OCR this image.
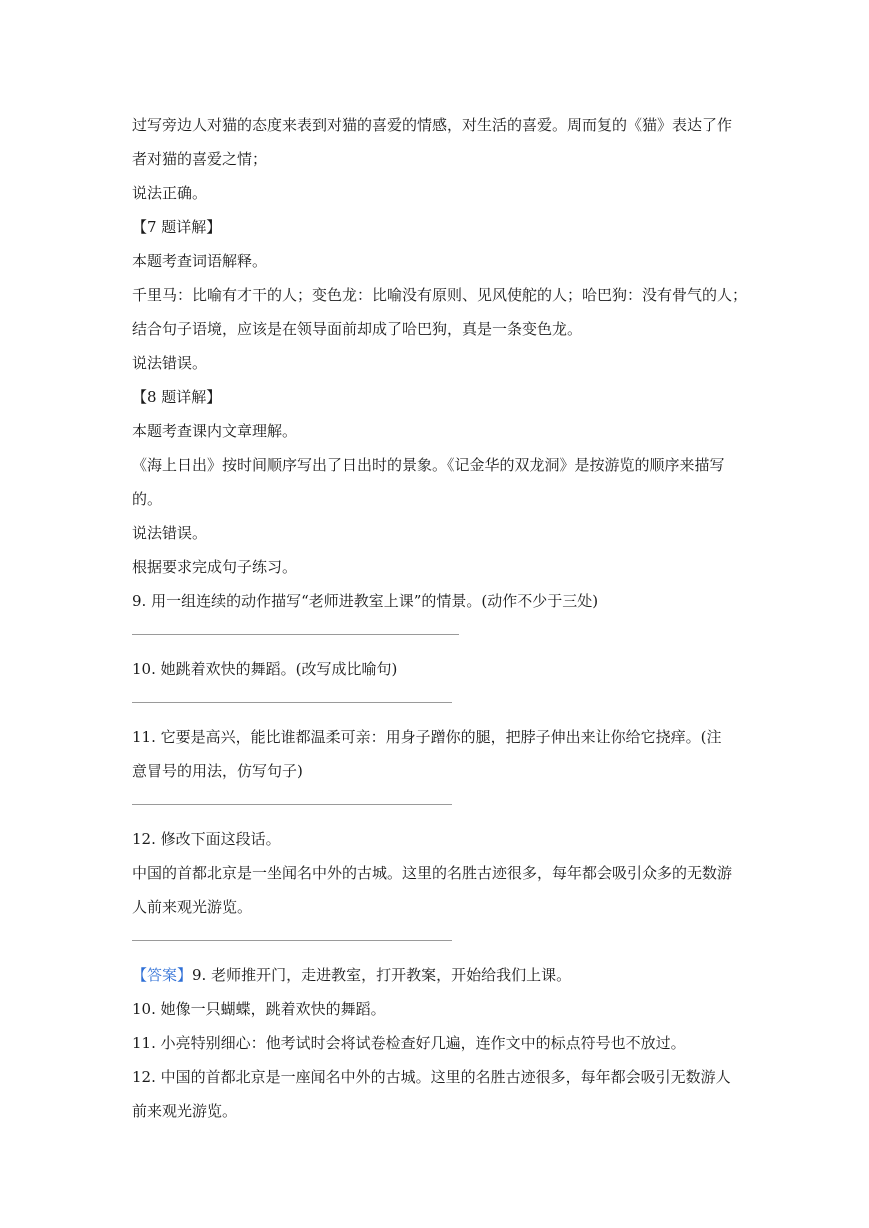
过写旁边人对猫的态度来表到对猫的喜爱的情感，对生活的喜爱。周而复的《猫》表达了作
者对猫的喜爱之情；
说法正确。
【7 题详解】
本题考查词语解释。
千里马：比喻有才干的人；变色龙：比喻没有原则、见风使舵的人；哈巴狗：没有骨气的人；
结合句子语境，应该是在领导面前却成了哈巴狗，真是一条变色龙。
说法错误。
【8 题详解】
本题考查课内文章理解。
《海上日出》按时间顺序写出了日出时的景象。《记金华的双龙洞》是按游览的顺序来描写
的。
说法错误。
根据要求完成句子练习。
9. 用一组连续的动作描写“老师进教室上课”的情景。(动作不少于三处)
10. 她跳着欢快的舞蹈。(改写成比喻句)
11. 它要是高兴，能比谁都温柔可亲：用身子蹭你的腿，把脖子伸出来让你给它挠痒。(注
意冒号的用法，仿写句子)
12. 修改下面这段话。
中国的首都北京是一坐闻名中外的古城。这里的名胜古迹很多，每年都会吸引众多的无数游
人前来观光游览。
【答案】9. 老师推开门，走进教室，打开教案，开始给我们上课。
10. 她像一只蝴蝶，跳着欢快的舞蹈。
11. 小亮特别细心：他考试时会将试卷检查好几遍，连作文中的标点符号也不放过。
12. 中国的首都北京是一座闻名中外的古城。这里的名胜古迹很多，每年都会吸引无数游人
前来观光游览。
